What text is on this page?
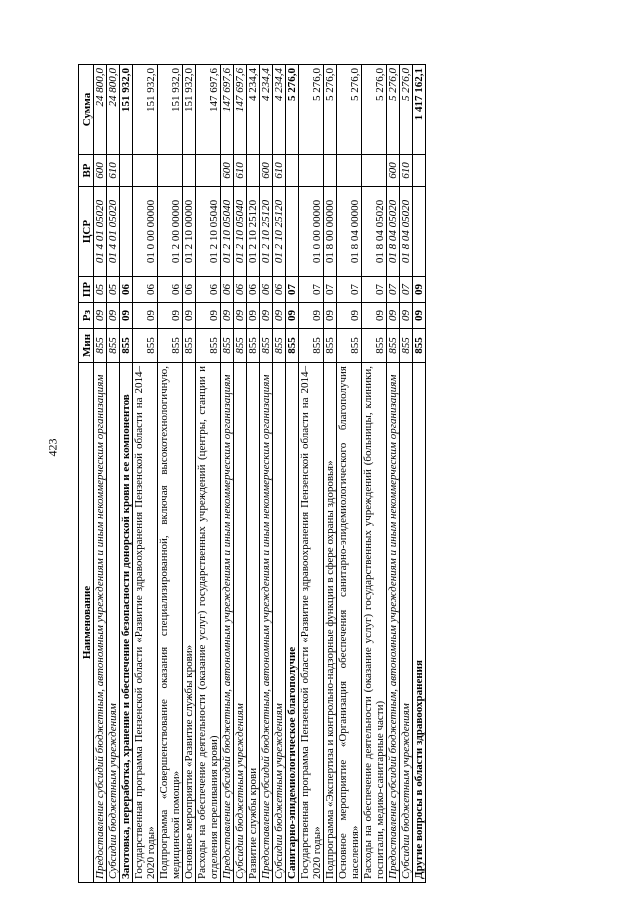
423
Наименование	Мин	Рз	ПР	ЦСР	ВР	Сумма
Предоставление субсидий бюджетным, автономным учреждениям и иным некоммерческим организациям	855	09	05	01 4 01 05020	600	24 800,0
Субсидии бюджетным учреждениям	855	09	05	01 4 01 05020	610	24 800,0
Заготовка, переработка, хранение и обеспечение безопасности донорской крови и ее компонентов	855	09	06			151 932,0
Государственная программа Пензенской области «Развитие здравоохранения Пензенской области на 2014–2020 годы»	855	09	06	01 0 00 00000		151 932,0
Подпрограмма «Совершенствование оказания специализированной, включая высокотехнологичную, медицинской помощи»	855	09	06	01 2 00 00000		151 932,0
Основное мероприятие «Развитие службы крови»	855	09	06	01 2 10 00000		151 932,0
Расходы на обеспечение деятельности (оказание услуг) государственных учреждений (центры, станции и отделения переливания крови)	855	09	06	01 2 10 05040		147 697,6
Предоставление субсидий бюджетным, автономным учреждениям и иным некоммерческим организациям	855	09	06	01 2 10 05040	600	147 697,6
Субсидии бюджетным учреждениям	855	09	06	01 2 10 05040	610	147 697,6
Развитие службы крови	855	09	06	01 2 10 25120		4 234,4
Предоставление субсидий бюджетным, автономным учреждениям и иным некоммерческим организациям	855	09	06	01 2 10 25120	600	4 234,4
Субсидии бюджетным учреждениям	855	09	06	01 2 10 25120	610	4 234,4
Санитарно-эпидемиологическое благополучие	855	09	07			5 276,0
Государственная программа Пензенской области «Развитие здравоохранения Пензенской области на 2014–2020 годы»	855	09	07	01 0 00 00000		5 276,0
Подпрограмма «Экспертиза и контрольно-надзорные функции в сфере охраны здоровья»	855	09	07	01 8 00 00000		5 276,0
Основное мероприятие «Организация обеспечения санитарно-эпидемиологического благополучия населения»	855	09	07	01 8 04 00000		5 276,0
Расходы на обеспечение деятельности (оказание услуг) государственных учреждений (больницы, клиники, госпитали, медико-санитарные части)	855	09	07	01 8 04 05020		5 276,0
Предоставление субсидий бюджетным, автономным учреждениям и иным некоммерческим организациям	855	09	07	01 8 04 05020	600	5 276,0
Субсидии бюджетным учреждениям	855	09	07	01 8 04 05020	610	5 276,0
Другие вопросы в области здравоохранения	855	09	09			1 417 162,1
